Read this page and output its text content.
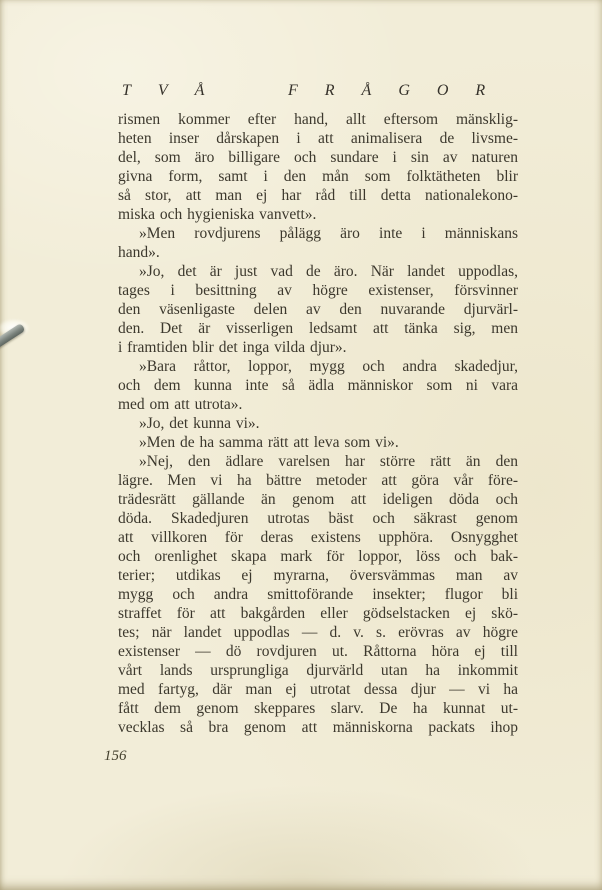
TVÅ	FRÅGOR
rismen kommer efter hand, allt eftersom mänsklig-
heten inser dårskapen i att animalisera de livsme-
del, som äro billigare och sundare i sin av naturen
givna form, samt i den mån som folktätheten blir
så stor, att man ej har råd till detta nationalekono-
miska och hygieniska vanvett».
»Men rovdjurens pålägg äro inte i människans
hand».
»Jo, det är just vad de äro. När landet uppodlas,
tages i besittning av högre existenser, försvinner
den väsenligaste delen av den nuvarande djurvärl-
den. Det är visserligen ledsamt att tänka sig, men
i framtiden blir det inga vilda djur».
»Bara råttor, loppor, mygg och andra skadedjur,
och dem kunna inte så ädla människor som ni vara
med om att utrota».
»Jo, det kunna vi».
»Men de ha samma rätt att leva som vi».
»Nej, den ädlare varelsen har större rätt än den
lägre. Men vi ha bättre metoder att göra vår före-
trädesrätt gällande än genom att ideligen döda och
döda. Skadedjuren utrotas bäst och säkrast genom
att villkoren för deras existens upphöra. Osnygghet
och orenlighet skapa mark för loppor, löss och bak-
terier; utdikas ej myrarna, översvämmas man av
mygg och andra smittoförande insekter; flugor bli
straffet för att bakgården eller gödselstacken ej skö-
tes; när landet uppodlas — d. v. s. erövras av högre
existenser — dö rovdjuren ut. Råttorna höra ej till
vårt lands ursprungliga djurvärld utan ha inkommit
med fartyg, där man ej utrotat dessa djur — vi ha
fått dem genom skeppares slarv. De ha kunnat ut-
vecklas så bra genom att människorna packats ihop
156
